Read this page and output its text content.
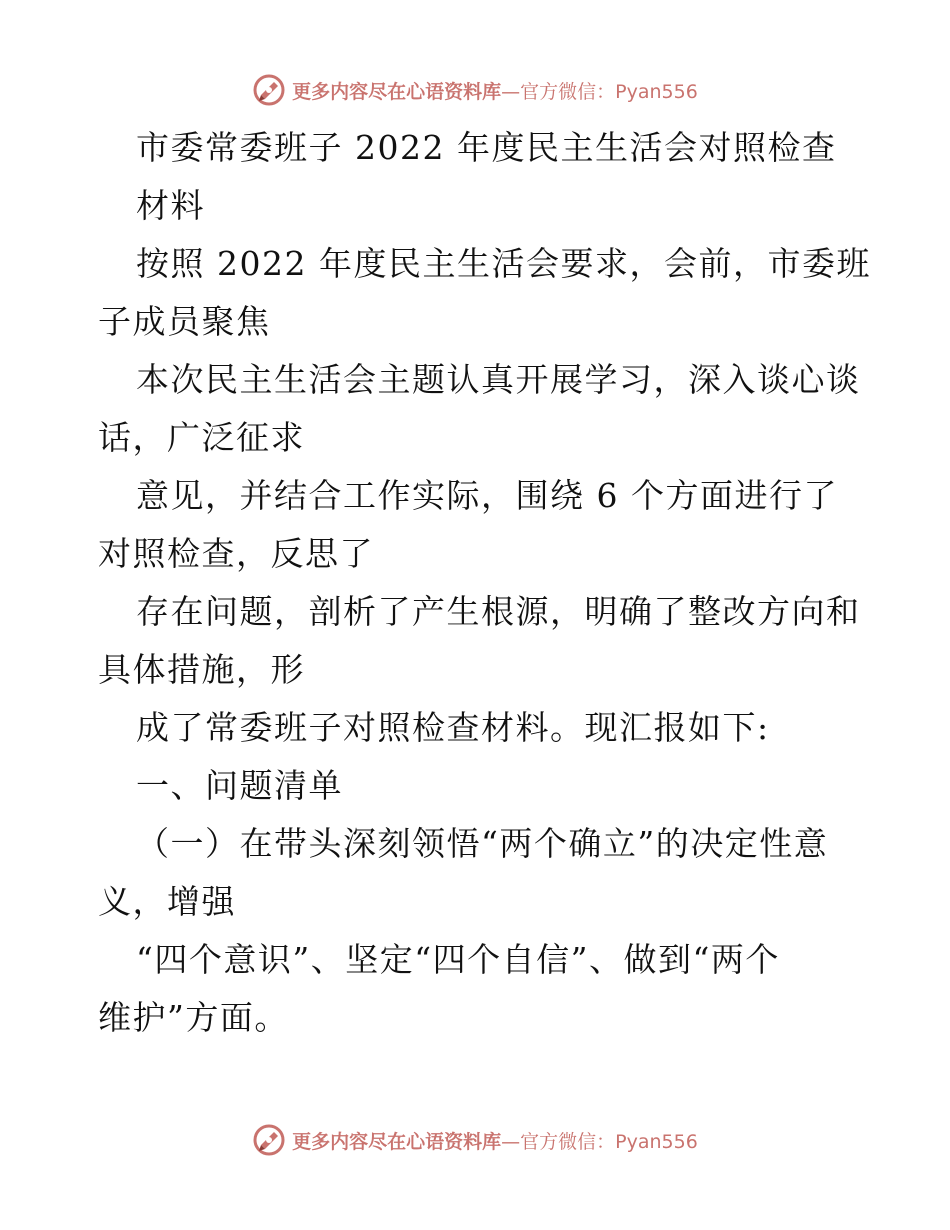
更多内容尽在心语资料库—官方微信：Pyan556
市委常委班子 2022 年度民主生活会对照检查
材料
按照 2022 年度民主生活会要求，会前，市委班
子成员聚焦
本次民主生活会主题认真开展学习，深入谈心谈
话，广泛征求
意见，并结合工作实际，围绕 6 个方面进行了
对照检查，反思了
存在问题，剖析了产生根源，明确了整改方向和
具体措施，形
成了常委班子对照检查材料。现汇报如下:
一、问题清单
（一）在带头深刻领悟“两个确立”的决定性意
义，增强
“四个意识”、坚定“四个自信”、做到“两个
维护”方面。
更多内容尽在心语资料库—官方微信：Pyan556
